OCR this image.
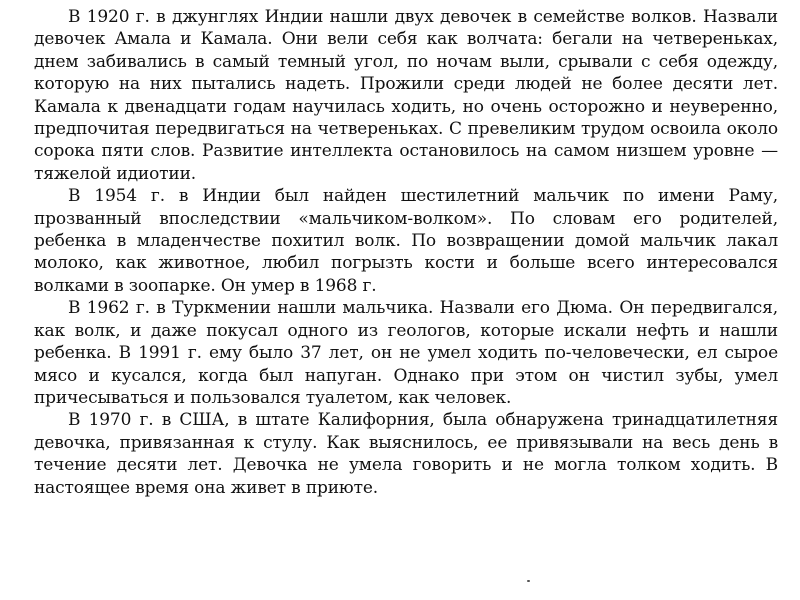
В 1920 г. в джунглях Индии нашли двух девочек в семействе волков. Назвали девочек Амала и Камала. Они вели себя как волчата: бегали на четвереньках, днем забивались в самый темный угол, по ночам выли, срывали с себя одежду, которую на них пытались надеть. Прожили среди людей не более десяти лет. Камала к двенадцати годам научилась ходить, но очень осторожно и неуверенно, предпочитая передвигаться на четвереньках. С превеликим трудом освоила около сорока пяти слов. Развитие интеллекта остановилось на самом низшем уровне — тяжелой идиотии.

В 1954 г. в Индии был найден шестилетний мальчик по имени Раму, прозванный впоследствии «мальчиком-волком». По словам его родителей, ребенка в младенчестве похитил волк. По возвращении домой мальчик лакал молоко, как животное, любил погрызть кости и больше всего интересовался волками в зоопарке. Он умер в 1968 г.

В 1962 г. в Туркмении нашли мальчика. Назвали его Дюма. Он передвигался, как волк, и даже покусал одного из геологов, которые искали нефть и нашли ребенка. В 1991 г. ему было 37 лет, он не умел ходить по-человечески, ел сырое мясо и кусался, когда был напуган. Однако при этом он чистил зубы, умел причесываться и пользовался туалетом, как человек.

В 1970 г. в США, в штате Калифорния, была обнаружена тринадцатилетняя девочка, привязанная к стулу. Как выяснилось, ее привязывали на весь день в течение десяти лет. Девочка не умела говорить и не могла толком ходить. В настоящее время она живет в приюте.
